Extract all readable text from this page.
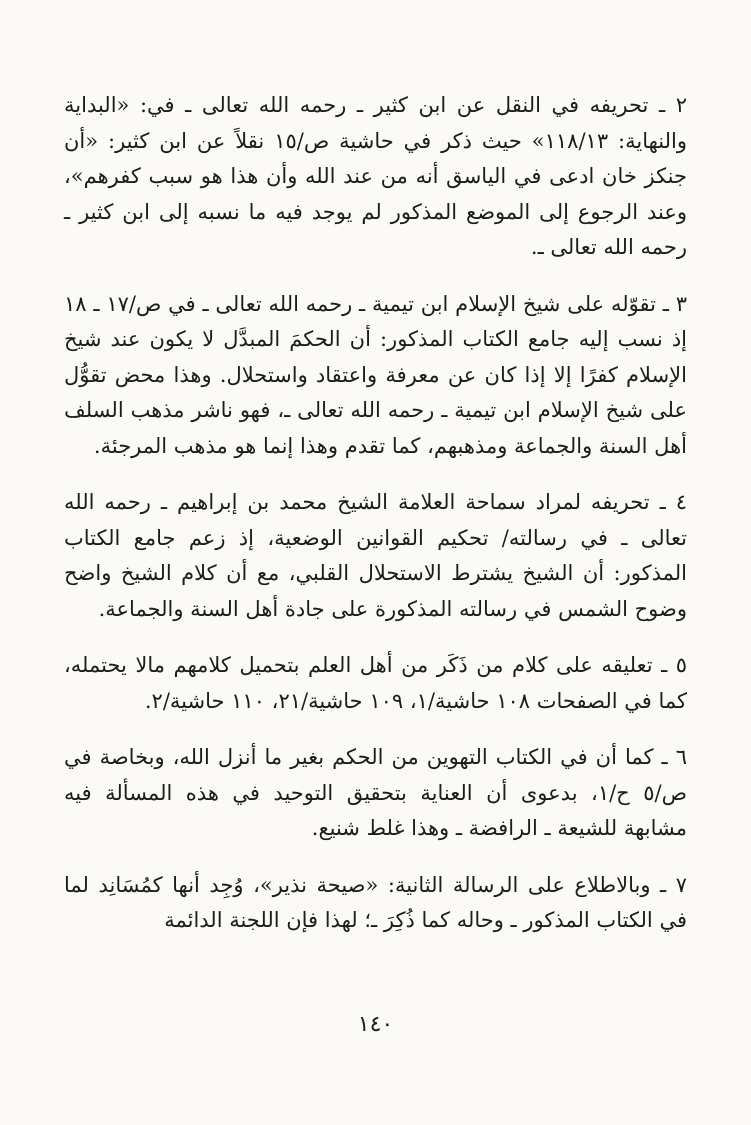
٢ ـ تحريفه في النقل عن ابن كثير ـ رحمه الله تعالى ـ في: «البداية والنهاية: ١١٨/١٣» حيث ذكر في حاشية ص/١٥ نقلاً عن ابن كثير: «أن جنكز خان ادعى في الياسق أنه من عند الله وأن هذا هو سبب كفرهم»، وعند الرجوع إلى الموضع المذكور لم يوجد فيه ما نسبه إلى ابن كثير ـ رحمه الله تعالى ـ.
٣ ـ تقوّله على شيخ الإسلام ابن تيمية ـ رحمه الله تعالى ـ في ص/١٧ ـ ١٨ إذ نسب إليه جامع الكتاب المذكور: أن الحكمَ المبدَّل لا يكون عند شيخ الإسلام كفرًا إلا إذا كان عن معرفة واعتقاد واستحلال. وهذا محض تقوُّل على شيخ الإسلام ابن تيمية ـ رحمه الله تعالى ـ، فهو ناشر مذهب السلف أهل السنة والجماعة ومذهبهم، كما تقدم وهذا إنما هو مذهب المرجئة.
٤ ـ تحريفه لمراد سماحة العلامة الشيخ محمد بن إبراهيم ـ رحمه الله تعالى ـ في رسالته/ تحكيم القوانين الوضعية، إذ زعم جامع الكتاب المذكور: أن الشيخ يشترط الاستحلال القلبي، مع أن كلام الشيخ واضح وضوح الشمس في رسالته المذكورة على جادة أهل السنة والجماعة.
٥ ـ تعليقه على كلام من ذَكَر من أهل العلم بتحميل كلامهم مالا يحتمله، كما في الصفحات ١٠٨ حاشية/١، ١٠٩ حاشية/٢١، ١١٠ حاشية/٢.
٦ ـ كما أن في الكتاب التهوين من الحكم بغير ما أنزل الله، وبخاصة في ص/٥ ح/١، بدعوى أن العناية بتحقيق التوحيد في هذه المسألة فيه مشابهة للشيعة ـ الرافضة ـ وهذا غلط شنيع.
٧ ـ وبالاطلاع على الرسالة الثانية: «صيحة نذير»، وُجِد أنها كمُسَانِد لما في الكتاب المذكور ـ وحاله كما ذُكِرَ ـ؛ لهذا فإن اللجنة الدائمة
١٤٠
